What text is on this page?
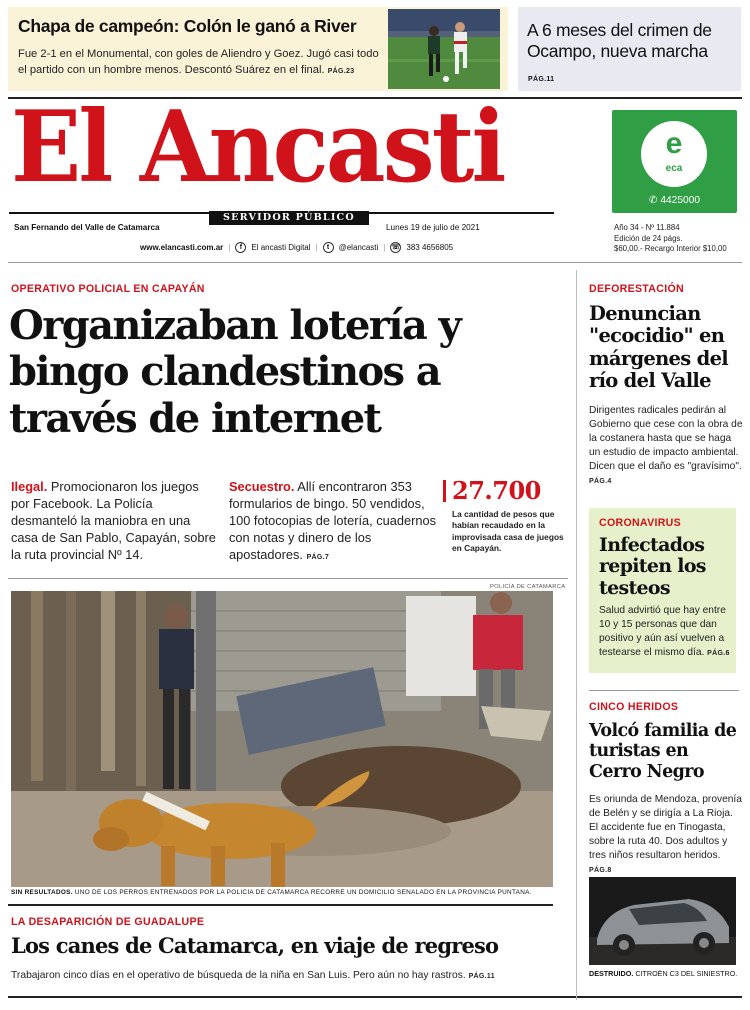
Chapa de campeón: Colón le ganó a River
Fue 2-1 en el Monumental, con goles de Aliendro y Goez. Jugó casi todo el partido con un hombre menos. Descontó Suárez en el final. PÁG.23
A 6 meses del crimen de Ocampo, nueva marcha
PÁG.11
El Ancasti
SERVIDOR PÚBLICO
San Fernando del Valle de Catamarca	Lunes 19 de julio de 2021
www.elancasti.com.ar |	f	El ancasti Digital |	t	@elancasti | ☏ 383 4656805
e
eca
✆ 4425000
Año 34 - Nº 11.884
Edición de 24 págs.
$60,00.- Recargo Interior $10,00
OPERATIVO POLICIAL EN CAPAYÁN
Organizaban lotería y bingo clandestinos a través de internet
Ilegal. Promocionaron los juegos por Facebook. La Policía desmanteló la maniobra en una casa de San Pablo, Capayán, sobre la ruta provincial Nº 14.
Secuestro. Allí encontraron 353 formularios de bingo. 50 vendidos, 100 fotocopias de lotería, cuadernos con notas y dinero de los apostadores. PÁG.7
27.700
La cantidad de pesos que habían recaudado en la improvisada casa de juegos en Capayán.
POLICÍA DE CATAMARCA
SIN RESULTADOS. UNO DE LOS PERROS ENTRENADOS POR LA POLICÍA DE CATAMARCA RECORRE UN DOMICILIO SEÑALADO EN LA PROVINCIA PUNTANA.
LA DESAPARICIÓN DE GUADALUPE
Los canes de Catamarca, en viaje de regreso
Trabajaron cinco días en el operativo de búsqueda de la niña en San Luis. Pero aún no hay rastros. PÁG.11
DEFORESTACIÓN
Denuncian "ecocidio" en márgenes del río del Valle
Dirigentes radicales pedirán al Gobierno que cese con la obra de la costanera hasta que se haga un estudio de impacto ambiental. Dicen que el daño es "gravísimo". PÁG.4
CORONAVIRUS
Infectados repiten los testeos
Salud advirtió que hay entre 10 y 15 personas que dan positivo y aún así vuelven a testearse el mismo día. PÁG.6
CINCO HERIDOS
Volcó familia de turistas en Cerro Negro
Es oriunda de Mendoza, provenía de Belén y se dirigía a La Rioja. El accidente fue en Tinogasta, sobre la ruta 40. Dos adultos y tres niños resultaron heridos. PÁG.8
DESTRUIDO. CITROËN C3 DEL SINIESTRO.
